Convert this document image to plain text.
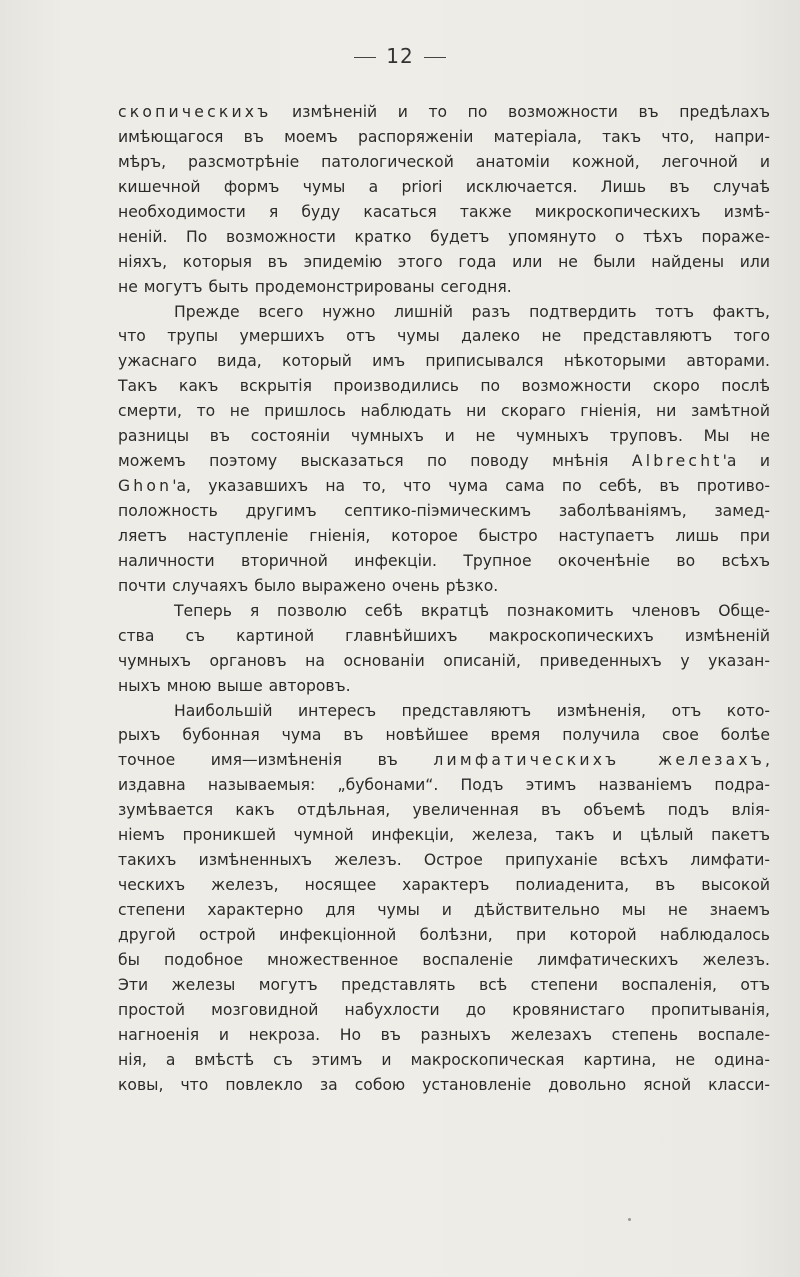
12
скопическихъ измѣненій и то по возможности въ предѣлахъ
имѣющагося въ моемъ распоряженіи матеріала, такъ что, напри-
мѣръ, разсмотрѣніе патологической анатоміи кожной, легочной и
кишечной формъ чумы a priori исключается. Лишь въ случаѣ
необходимости я буду касаться также микроскопическихъ измѣ-
неній. По возможности кратко будетъ упомянуто о тѣхъ пораже-
ніяхъ, которыя въ эпидемію этого года или не были найдены или
не могутъ быть продемонстрированы сегодня.
Прежде всего нужно лишній разъ подтвердить тотъ фактъ,
что трупы умершихъ отъ чумы далеко не представляютъ того
ужаснаго вида, который имъ приписывался нѣкоторыми авторами.
Такъ какъ вскрытія производились по возможности скоро послѣ
смерти, то не пришлось наблюдать ни скораго гніенія, ни замѣтной
разницы въ состояніи чумныхъ и не чумныхъ труповъ. Мы не
можемъ поэтому высказаться по поводу мнѣнія Albrecht'а и
Ghon'а, указавшихъ на то, что чума сама по себѣ, въ противо-
положность другимъ септико-піэмическимъ заболѣваніямъ, замед-
ляетъ наступленіе гніенія, которое быстро наступаетъ лишь при
наличности вторичной инфекціи. Трупное окоченѣніе во всѣхъ
почти случаяхъ было выражено очень рѣзко.
Теперь я позволю себѣ вкратцѣ познакомить членовъ Обще-
ства съ картиной главнѣйшихъ макроскопическихъ измѣненій
чумныхъ органовъ на основаніи описаній, приведенныхъ у указан-
ныхъ мною выше авторовъ.
Наибольшій интересъ представляютъ измѣненія, отъ кото-
рыхъ бубонная чума въ новѣйшее время получила свое болѣе
точное имя—измѣненія въ лимфатическихъ железахъ,
издавна называемыя: „бубонами“. Подъ этимъ названіемъ подра-
зумѣвается какъ отдѣльная, увеличенная въ объемѣ подъ влія-
ніемъ проникшей чумной инфекціи, железа, такъ и цѣлый пакетъ
такихъ измѣненныхъ железъ. Острое припуханіе всѣхъ лимфати-
ческихъ железъ, носящее характеръ полиаденита, въ высокой
степени характерно для чумы и дѣйствительно мы не знаемъ
другой острой инфекціонной болѣзни, при которой наблюдалось
бы подобное множественное воспаленіе лимфатическихъ железъ.
Эти железы могутъ представлять всѣ степени воспаленія, отъ
простой мозговидной набухлости до кровянистаго пропитыванія,
нагноенія и некроза. Но въ разныхъ железахъ степень воспале-
нія, а вмѣстѣ съ этимъ и макроскопическая картина, не одина-
ковы, что повлекло за собою установленіе довольно ясной класси-
